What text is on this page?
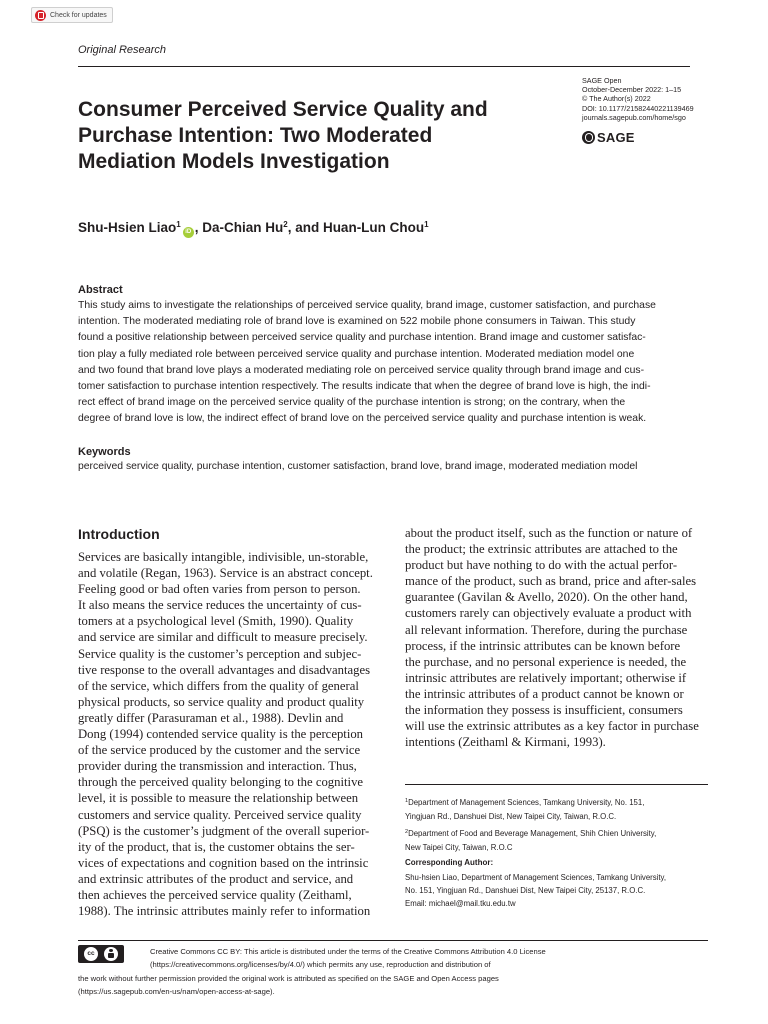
Check for updates
Original Research
SAGE Open
October-December 2022: 1–15
© The Author(s) 2022
DOI: 10.1177/21582440221139469
journals.sagepub.com/home/sgo
SAGE
Consumer Perceived Service Quality and
Purchase Intention: Two Moderated
Mediation Models Investigation
Shu-Hsien Liao$^1$
iD , Da-Chian Hu$^2$ , and Huan-Lun Chou$^1$
Abstract
This study aims to investigate the relationships of perceived service quality, brand image, customer satisfaction, and purchase
intention. The moderated mediating role of brand love is examined on 522 mobile phone consumers in Taiwan. This study
found a positive relationship between perceived service quality and purchase intention. Brand image and customer satisfac-
tion play a fully mediated role between perceived service quality and purchase intention. Moderated mediation model one
and two found that brand love plays a moderated mediating role on perceived service quality through brand image and cus-
tomer satisfaction to purchase intention respectively. The results indicate that when the degree of brand love is high, the indi-
rect effect of brand image on the perceived service quality of the purchase intention is strong; on the contrary, when the
degree of brand love is low, the indirect effect of brand love on the perceived service quality and purchase intention is weak.
Keywords
perceived service quality, purchase intention, customer satisfaction, brand love, brand image, moderated mediation model
Introduction
Services are basically intangible, indivisible, un-storable,
and volatile (Regan, 1963). Service is an abstract concept.
Feeling good or bad often varies from person to person.
It also means the service reduces the uncertainty of cus-
tomers at a psychological level (Smith, 1990). Quality
and service are similar and difficult to measure precisely.
Service quality is the customer’s perception and subjec-
tive response to the overall advantages and disadvantages
of the service, which differs from the quality of general
physical products, so service quality and product quality
greatly differ (Parasuraman et al., 1988). Devlin and
Dong (1994) contended service quality is the perception
of the service produced by the customer and the service
provider during the transmission and interaction. Thus,
through the perceived quality belonging to the cognitive
level, it is possible to measure the relationship between
customers and service quality. Perceived service quality
(PSQ) is the customer’s judgment of the overall superior-
ity of the product, that is, the customer obtains the ser-
vices of expectations and cognition based on the intrinsic
and extrinsic attributes of the product and service, and
then achieves the perceived service quality (Zeithaml,
1988). The intrinsic attributes mainly refer to information
about the product itself, such as the function or nature of
the product; the extrinsic attributes are attached to the
product but have nothing to do with the actual perfor-
mance of the product, such as brand, price and after-sales
guarantee (Gavilan & Avello, 2020). On the other hand,
customers rarely can objectively evaluate a product with
all relevant information. Therefore, during the purchase
process, if the intrinsic attributes can be known before
the purchase, and no personal experience is needed, the
intrinsic attributes are relatively important; otherwise if
the intrinsic attributes of a product cannot be known or
the information they possess is insufficient, consumers
will use the extrinsic attributes as a key factor in purchase
intentions (Zeithaml & Kirmani, 1993).
$^1$Department of Management Sciences, Tamkang University, No. 151,
Yingjuan Rd., Danshuei Dist, New Taipei City, Taiwan, R.O.C.
$^2$Department of Food and Beverage Management, Shih Chien University,
New Taipei City, Taiwan, R.O.C
Corresponding Author:
Shu-hsien Liao, Department of Management Sciences, Tamkang University,
No. 151, Yingjuan Rd., Danshuei Dist, New Taipei City, 25137, R.O.C.
Email: michael@mail.tku.edu.tw
cc	Creative Commons CC BY: This article is distributed under the terms of the Creative Commons Attribution 4.0 License
(https://creativecommons.org/licenses/by/4.0/) which permits any use, reproduction and distribution of
the work without further permission provided the original work is attributed as specified on the SAGE and Open Access pages
(https://us.sagepub.com/en-us/nam/open-access-at-sage).
